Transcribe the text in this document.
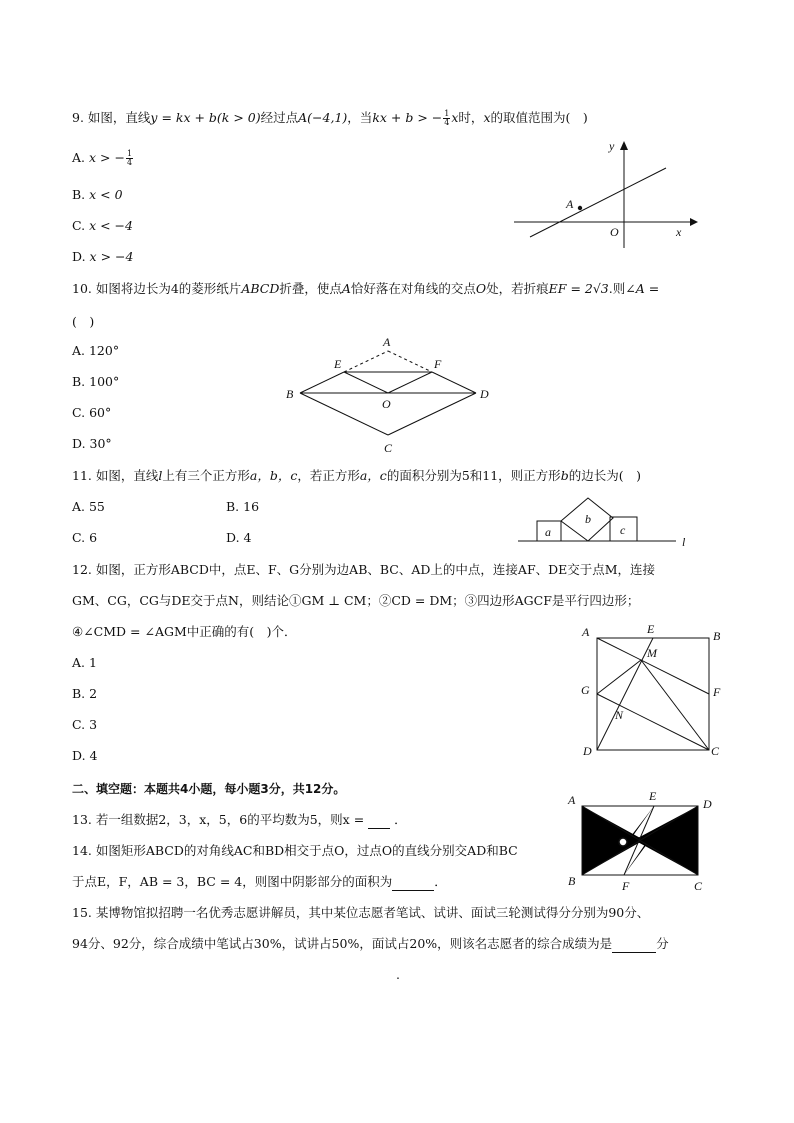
9. 如图，直线y = kx + b(k > 0)经过点A(−4,1)，当kx + b > − $\frac{1}{4}$ x时，x的取值范围为(　)
A. x > − $\frac{1}{4}$
B. x < 0
C. x < −4
D. x > −4
A
y
x
O
10. 如图将边长为4的菱形纸片ABCD折叠，使点A恰好落在对角线的交点O处，若折痕EF = 2√3.则∠A =
(　)
A. 120°
B. 100°
C. 60°
D. 30°
A
E	F
B	D
O
C
11. 如图，直线l上有三个正方形a，b，c，若正方形a，c的面积分别为5和11，则正方形b的边长为(　)
A. 55	B. 16
C. 6	D. 4	a
b
c
l
12. 如图，正方形ABCD中，点E、F、G分别为边AB、BC、AD上的中点，连接AF、DE交于点M，连接
GM、CG，CG与DE交于点N，则结论①GM ⊥ CM；②CD = DM；③四边形AGCF是平行四边形；
④∠CMD = ∠AGM中正确的有(　)个．
A. 1
B. 2
C. 3
D. 4
A	E	B
M
G	F
N
D	C
二、填空题：本题共4小题，每小题3分，共12分。
13. 若一组数据2，3，x，5，6的平均数为5，则x = ．
14. 如图矩形ABCD的对角线AC和BD相交于点O，过点O的直线分别交AD和BC
于点E，F，AB = 3，BC = 4，则图中阴影部分的面积为	．
A	E
D
B	F	C
15. 某博物馆拟招聘一名优秀志愿讲解员，其中某位志愿者笔试、试讲、面试三轮测试得分分别为90分、
94分、92分，综合成绩中笔试占30%，试讲占50%，面试占20%，则该名志愿者的综合成绩为是	分
.
